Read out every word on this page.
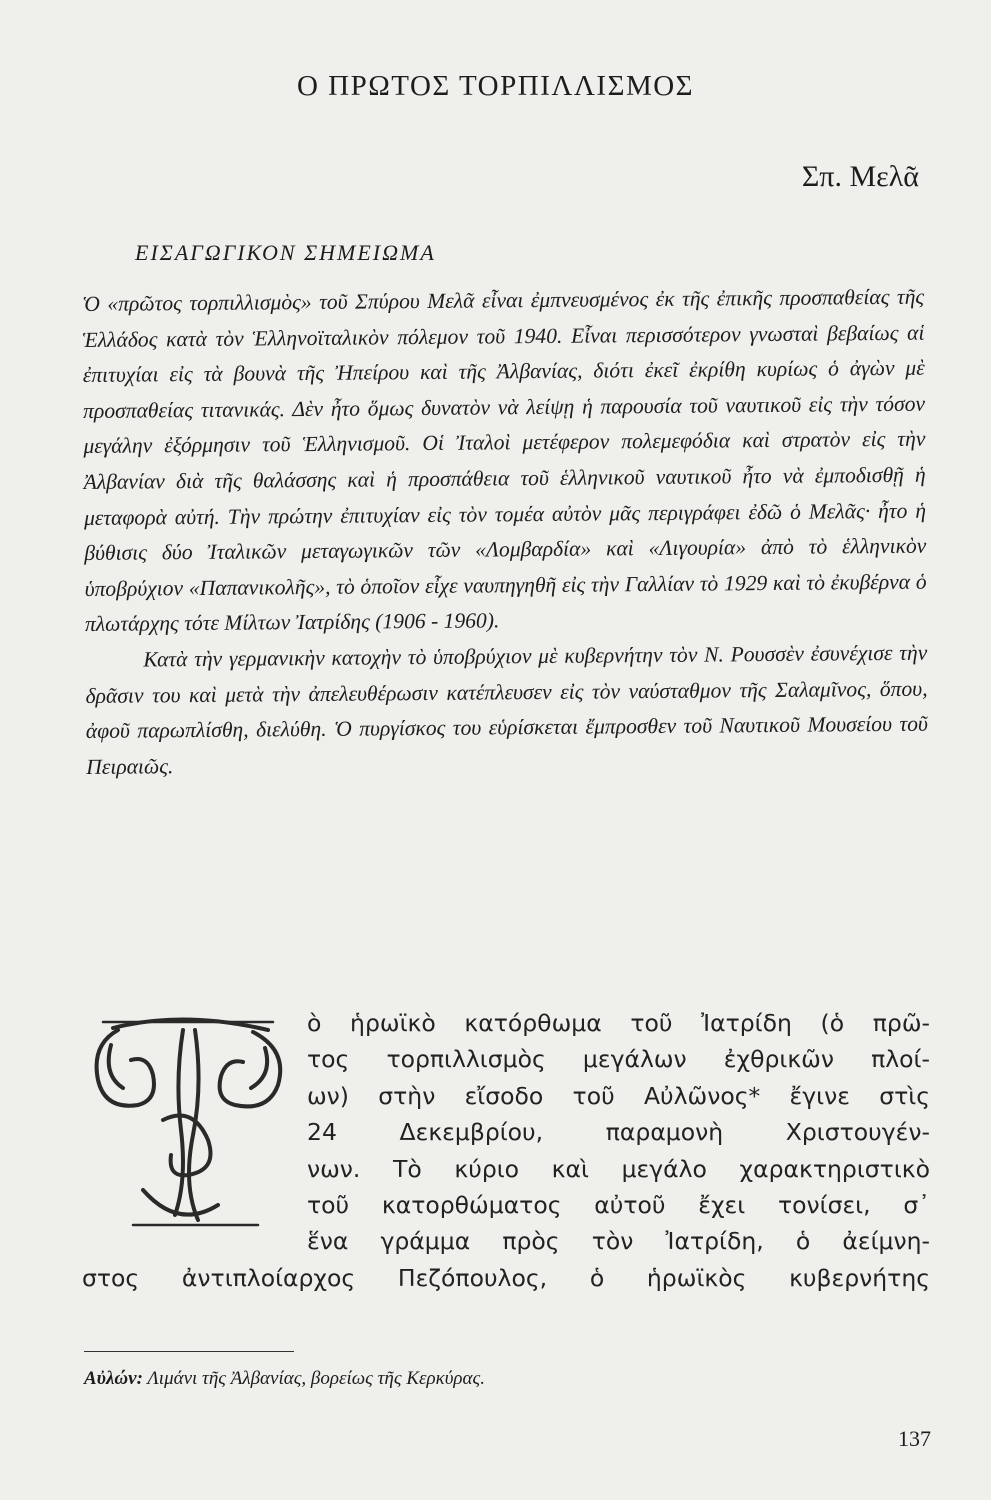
Ο ΠΡΩΤΟΣ ΤΟΡΠΙΛΛΙΣΜΟΣ
Σπ. Μελᾶ
ΕΙΣΑΓΩΓΙΚΟΝ ΣΗΜΕΙΩΜΑ

Ὁ «πρῶτος τορπιλλισμὸς» τοῦ Σπύρου Μελᾶ εἶναι ἐμπνευσμένος ἐκ τῆς ἐπικῆς προσπαθείας τῆς Ἑλλάδος κατὰ τὸν Ἑλληνοϊταλικὸν πόλεμον τοῦ 1940. Εἶναι περισσότερον γνωσταὶ βεβαίως αἱ ἐπιτυχίαι εἰς τὰ βουνὰ τῆς Ἠπείρου καὶ τῆς Ἀλβανίας, διότι ἐκεῖ ἐκρίθη κυρίως ὁ ἀγὼν μὲ προσπαθείας τιτανικάς. Δὲν ἦτο ὅμως δυνατὸν νὰ λείψῃ ἡ παρουσία τοῦ ναυτικοῦ εἰς τὴν τόσον μεγάλην ἐξόρμησιν τοῦ Ἑλληνισμοῦ. Οἱ Ἰταλοὶ μετέφερον πολεμεφόδια καὶ στρατὸν εἰς τὴν Ἀλβανίαν διὰ τῆς θαλάσσης καὶ ἡ προσπάθεια τοῦ ἑλληνικοῦ ναυτικοῦ ἦτο νὰ ἐμποδισθῇ ἡ μεταφορὰ αὐτή. Τὴν πρώτην ἐπιτυχίαν εἰς τὸν τομέα αὐτὸν μᾶς περιγράφει ἐδῶ ὁ Μελᾶς· ἦτο ἡ βύθισις δύο Ἰταλικῶν μεταγωγικῶν τῶν «Λομβαρδία» καὶ «Λιγουρία» ἀπὸ τὸ ἑλληνικὸν ὑποβρύχιον «Παπανικολῆς», τὸ ὁποῖον εἶχε ναυπηγηθῆ εἰς τὴν Γαλλίαν τὸ 1929 καὶ τὸ ἐκυβέρνα ὁ πλωτάρχης τότε Μίλτων Ἰατρίδης (1906 - 1960).

Κατὰ τὴν γερμανικὴν κατοχὴν τὸ ὑποβρύχιον μὲ κυβερνήτην τὸν Ν. Ρουσσὲν ἐσυνέχισε τὴν δρᾶσιν του καὶ μετὰ τὴν ἀπελευθέρωσιν κατέπλευσεν εἰς τὸν ναύσταθμον τῆς Σαλαμῖνος, ὅπου, ἀφοῦ παρωπλίσθη, διελύθη. Ὁ πυργίσκος του εὑρίσκεται ἔμπροσθεν τοῦ Ναυτικοῦ Μουσείου τοῦ Πειραιῶς.

ὸ ἡρωϊκὸ κατόρθωμα τοῦ Ἰατρίδη (ὁ πρῶ-
τος τορπιλλισμὸς μεγάλων ἐχθρικῶν πλοί-
ων) στὴν εἴσοδο τοῦ Αὐλῶνος* ἔγινε στὶς
24 Δεκεμβρίου, παραμονὴ Χριστουγέν-
νων. Τὸ κύριο καὶ μεγάλο χαρακτηριστικὸ
τοῦ κατορθώματος αὐτοῦ ἔχει τονίσει, σ᾽
ἕνα γράμμα πρὸς τὸν Ἰατρίδη, ὁ ἀείμνη-
στος ἀντιπλοίαρχος Πεζόπουλος, ὁ ἡρωϊκὸς κυβερνήτης
Αὐλών: Λιμάνι τῆς Ἀλβανίας, βορείως τῆς Κερκύρας.
137
